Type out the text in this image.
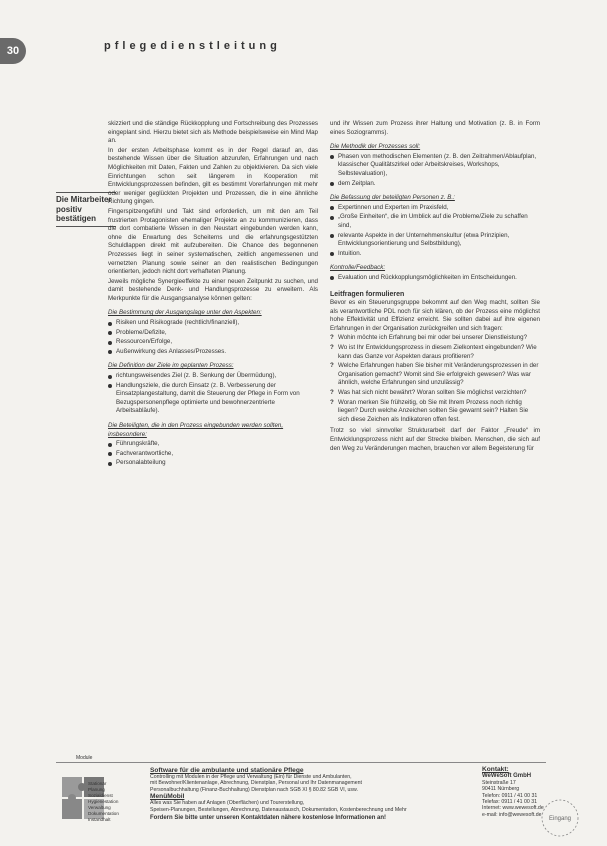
30	pflegedienstleitung
Die Mitarbeiter positiv bestätigen

skizziert und die ständige Rückkopplung und Fortschreibung des Prozesses eingeplant sind. Hierzu bietet sich als Methode beispielsweise ein Mind Map an.

In der ersten Arbeitsphase kommt es in der Regel darauf an, das bestehende Wissen über die Situation abzurufen, Erfahrungen und nach Möglichkeiten mit Daten, Fakten und Zahlen zu objektivieren. Da sich viele Einrichtungen schon seit längerem in Kooperation mit Entwicklungsprozessen befinden, gilt es bestimmt Vorerfahrungen mit mehr oder weniger geglückten Projekten und Prozessen, die in eine ähnliche Richtung gingen.

Fingerspitzengefühl und Takt sind erforderlich, um mit den am Teil frustrierten Protagonisten ehemaliger Projekte an zu kommunizieren, dass die dort combatierte Wissen in den Neustart eingebunden werden kann, ohne die Erwartung des Scheiterns und die erfahrungsgestützten Schuldlappen direkt mit aufzubereiten. Die Chance des begonnenen Prozesses liegt in seiner systematischen, zeitlich angemessenen und vernetzten Planung sowie seiner an den realistischen Bedingungen orientierten, jedoch nicht dort verhafteten Planung.

Jeweils mögliche Synergieeffekte zu einer neuen Zeitpunkt zu suchen, und damit bestehende Denk- und Handlungsprozesse zu erweitern. Als Merkpunkte für die Ausgangsanalyse können gelten:

Die Bestimmung der Ausgangslage unter den Aspekten:
Risiken und Risikograde (rechtlich/finanziell),
Probleme/Defizite,
Ressourcen/Erfolge,
Außenwirkung des Anlasses/Prozesses.
Die Definition der Ziele im geplanten Prozess:
richtungsweisendes Ziel (z. B. Senkung der Übermüdung),
Handlungsziele, die durch Einsatz (z. B. Verbesserung der Einsatzplangestaltung, damit die Steuerung der Pflege in Form von Bezugspersonenpflege optimierte und bewohnerzentrierte Arbeitsabläufe).
Die Beteiligten, die in den Prozess eingebunden werden sollten, insbesondere:
Führungskräfte,
Fachverantwortliche,
Personalabteilung

und ihr Wissen zum Prozess ihrer Haltung und Motivation (z. B. in Form eines Soziogramms).

Die Methodik der Prozesses soll:
Phasen von methodischen Elementen (z. B. den Zeitrahmen/Ablaufplan, klassischer Qualitätszirkel oder Arbeitskreises, Workshops, Selbstevaluation),
dem Zeitplan.
Die Befassung der beteiligten Personen z. B.:
Expertinnen und Experten im Praxisfeld,
„Große Einheiten“, die im Umblick auf die Probleme/Ziele zu schaffen sind,
relevante Aspekte in der Unternehmenskultur (etwa Prinzipien, Entwicklungsorientierung und Selbstbildung),
Intuition.
Kontrolle/Feedback:
Evaluation und Rückkopplungsmöglichkeiten im Entscheidungen.
Leitfragen formulieren

Bevor es ein Steuerungsgruppe bekommt auf den Weg macht, sollten Sie als verantwortliche PDL noch für sich klären, ob der Prozess eine möglichst hohe Effektivität und Effizienz erreicht. Sie sollten dabei auf ihre eigenen Erfahrungen in der Organisation zurückgreifen und sich fragen:

? Wohin möchte ich Erfahrung bei mir oder bei unserer Dienstleistung?
? Wo ist Ihr Entwicklungsprozess in diesem Zielkontext eingebunden? Wie kann das Ganze vor Aspekten daraus profitieren?
? Welche Erfahrungen haben Sie bisher mit Veränderungsprozessen in der Organisation gemacht? Womit sind Sie erfolgreich gewesen? Was war ähnlich, welche Erfahrungen sind unzulässig?
? Was hat sich nicht bewährt? Woran sollten Sie möglichst verzichten?
? Woran merken Sie frühzeitig, ob Sie mit Ihrem Prozess noch richtig liegen? Durch welche Anzeichen sollten Sie gewarnt sein? Halten Sie sich diese Zeichen als Indikatoren offen fest.

Trotz so viel sinnvoller Strukturarbeit darf der Faktor „Freude“ im Entwicklungsprozess nicht auf der Strecke bleiben. Menschen, die sich auf den Weg zu Veränderungen machen, brauchen vor allem Begeisterung für

Module
Stationär
Planung
Sozialdienst
Hygienestation
Verwaltung
Dokumentation
Instandhalt
Software für die ambulante und stationäre Pflege

Controlling mit Modulen in der Pflege und Verwaltung (Ein) für Dienste und Ambulanten,

mit Bewohner/Klientenanlage, Abrechnung, Dienstplan, Personal und Ihr Datenmanagement

Personalbuchhaltung (Finanz-Buchhaltung) Dienstplan nach SGB XI § 80.82 SGB VI, usw.

MenüMobil

Alles was Sie haben auf Anlagen (Oberflächen) und Tourerstellung,

Speisen-Planungen, Bestellungen, Abrechnung, Datenaustausch, Dokumentation, Kostenberechnung und Mehr

Fordern Sie bitte unter unseren Kontaktdaten nähere kostenlose Informationen an!

Kontakt:
WeWeSoft GmbH
Steinstraße 17
90411 Nürnberg
Telefon: 0911 / 41 00 31
Telefax: 0911 / 41 00 31
Internet: www.wewesoft.de
e-mail: info@wewesoft.de
Eingang
